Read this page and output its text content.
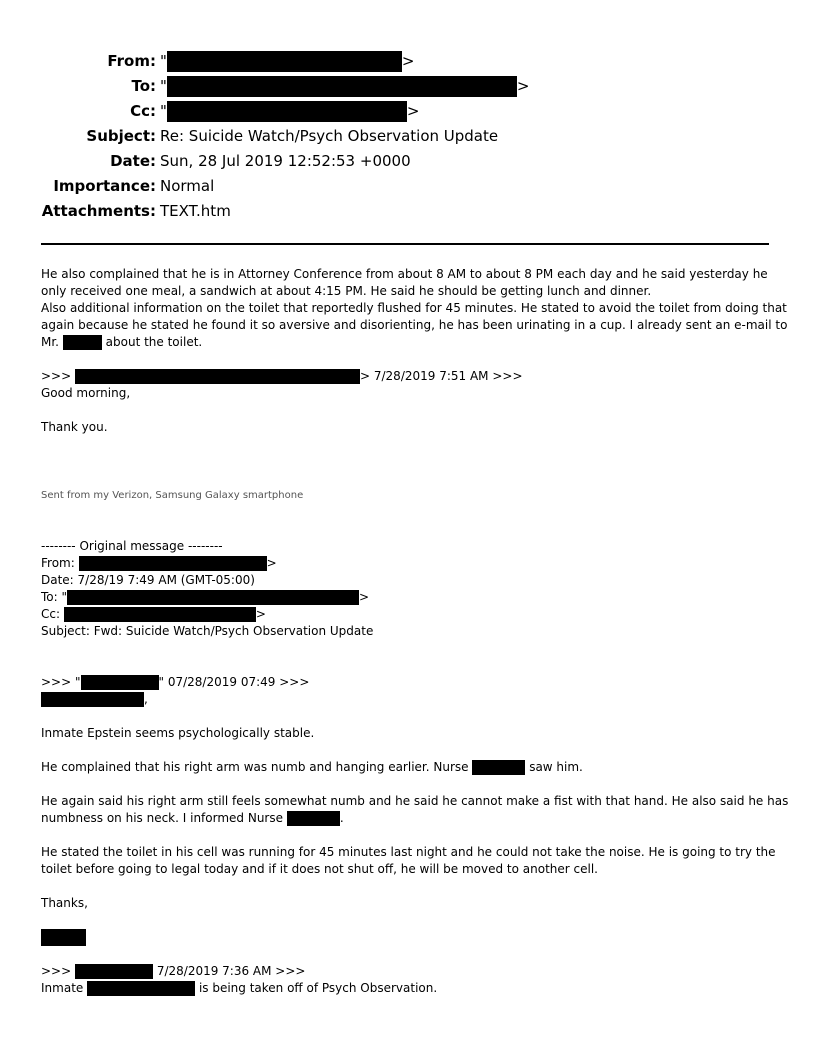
From: "	>
To: "	>
Cc: "	>
Subject: Re: Suicide Watch/Psych Observation Update
Date: Sun, 28 Jul 2019 12:52:53 +0000
Importance: Normal
Attachments: TEXT.htm

He also complained that he is in Attorney Conference from about 8 AM to about 8 PM each day and he said yesterday he

only received one meal, a sandwich at about 4:15 PM. He said he should be getting lunch and dinner.

Also additional information on the toilet that reportedly flushed for 45 minutes. He stated to avoid the toilet from doing that

again because he stated he found it so aversive and disorienting, he has been urinating in a cup. I already sent an e-mail to

Mr.	about the toilet.

>>>	> 7/28/2019 7:51 AM >>>

Good morning,

Thank you.

Sent from my Verizon, Samsung Galaxy smartphone

-------- Original message --------

From:	>

Date: 7/28/19 7:49 AM (GMT-05:00)

To: "	>

Cc:	>

Subject: Fwd: Suicide Watch/Psych Observation Update

>>> "	" 07/28/2019 07:49 >>>

,

Inmate Epstein seems psychologically stable.

He complained that his right arm was numb and hanging earlier. Nurse	saw him.

He again said his right arm still feels somewhat numb and he said he cannot make a fist with that hand. He also said he has

numbness on his neck. I informed Nurse	.

He stated the toilet in his cell was running for 45 minutes last night and he could not take the noise. He is going to try the

toilet before going to legal today and if it does not shut off, he will be moved to another cell.

Thanks,

>>>	7/28/2019 7:36 AM >>>

Inmate	is being taken off of Psych Observation.
